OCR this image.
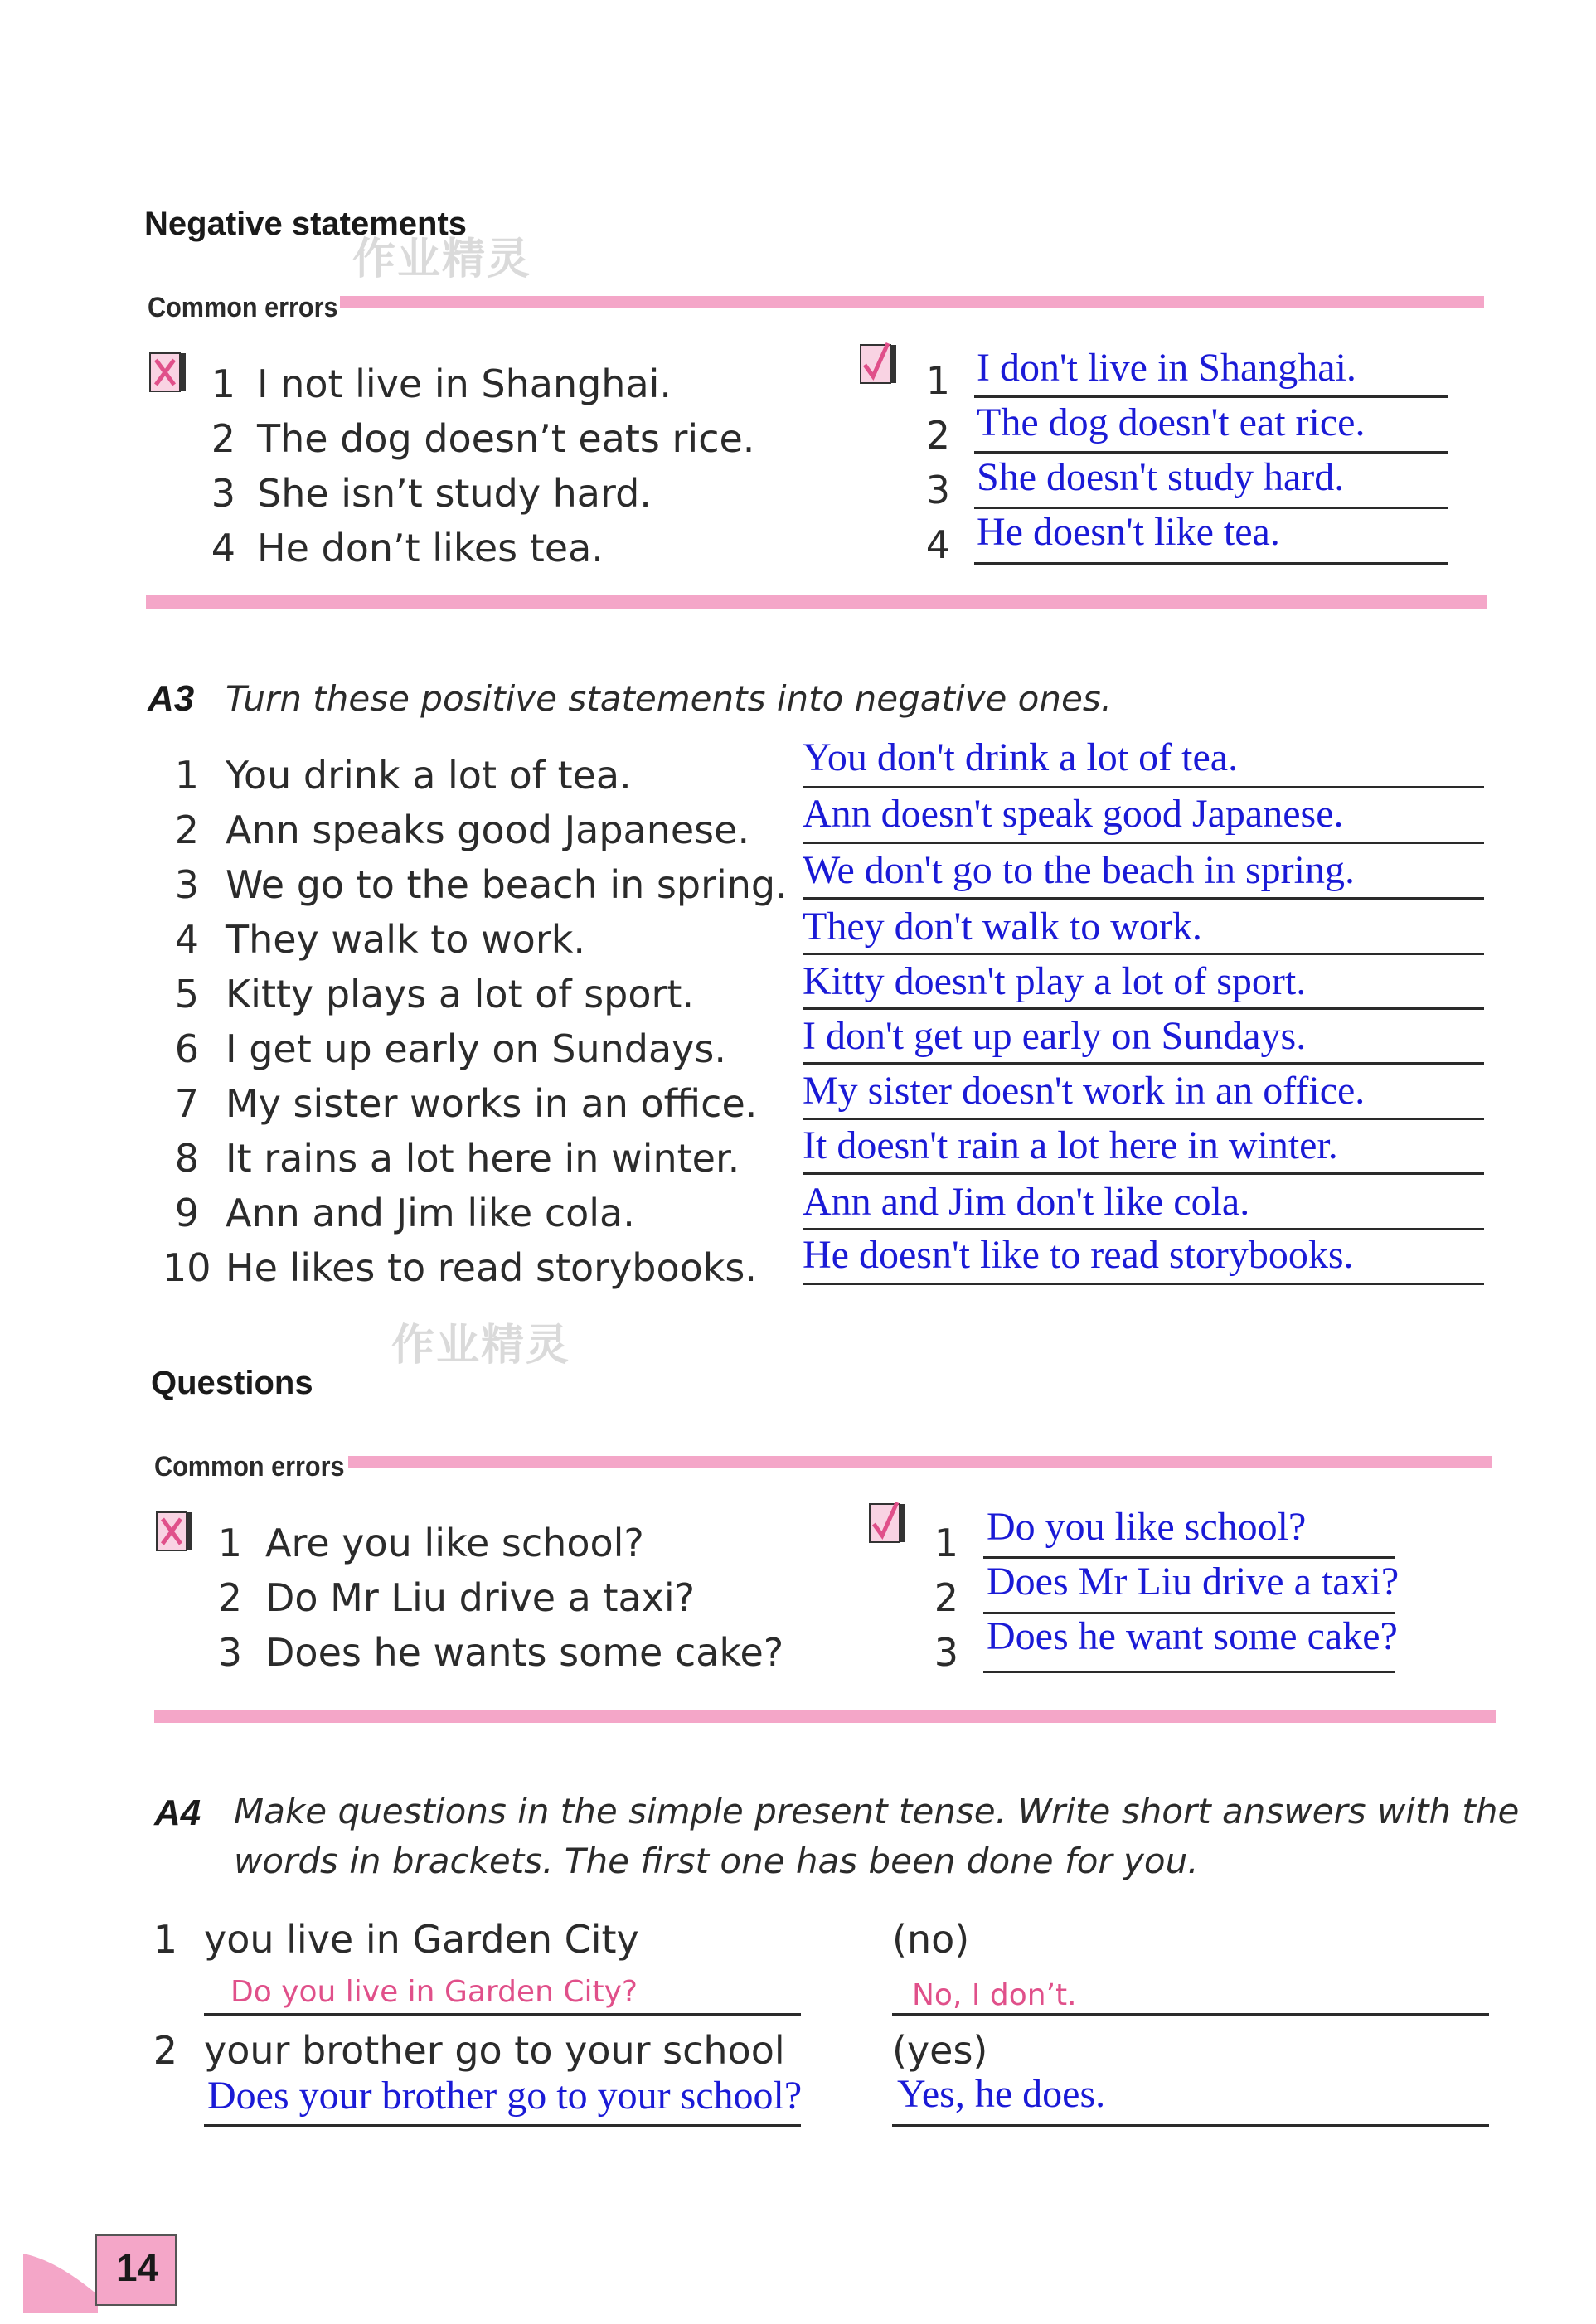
Negative statements
作业精灵
Common errors
1 I not live in Shanghai.
2 The dog doesn’t eats rice.
3 She isn’t study hard.
4 He don’t likes tea.
1 I don't live in Shanghai.
2 The dog doesn't eat rice.
3 She doesn't study hard.
4 He doesn't like tea.
A3 Turn these positive statements into negative ones.
1 You drink a lot of tea.	You don't drink a lot of tea.
2 Ann speaks good Japanese. Ann doesn't speak good Japanese.
3 We go to the beach in spring. We don't go to the beach in spring.
4 They walk to work.	They don't walk to work.
5 Kitty plays a lot of sport.	Kitty doesn't play a lot of sport.
6 I get up early on Sundays. I don't get up early on Sundays.
7 My sister works in an office. My sister doesn't work in an office.
8 It rains a lot here in winter. It doesn't rain a lot here in winter.
9 Ann and Jim like cola.	Ann and Jim don't like cola.
10 He likes to read storybooks. He doesn't like to read storybooks.
作业精灵
Questions
Common errors
1 Are you like school?
2 Do Mr Liu drive a taxi?
3 Does he wants some cake?
1 Do you like school?
2 Does Mr Liu drive a taxi?
3 Does he want some cake?
A4 Make questions in the simple present tense. Write short answers with the
words in brackets. The first one has been done for you.
1 you live in Garden City	(no)
Do you live in Garden City?	No, I don’t.
2 your brother go to your school	(yes)
Does your brother go to your school? Yes, he does.
14
